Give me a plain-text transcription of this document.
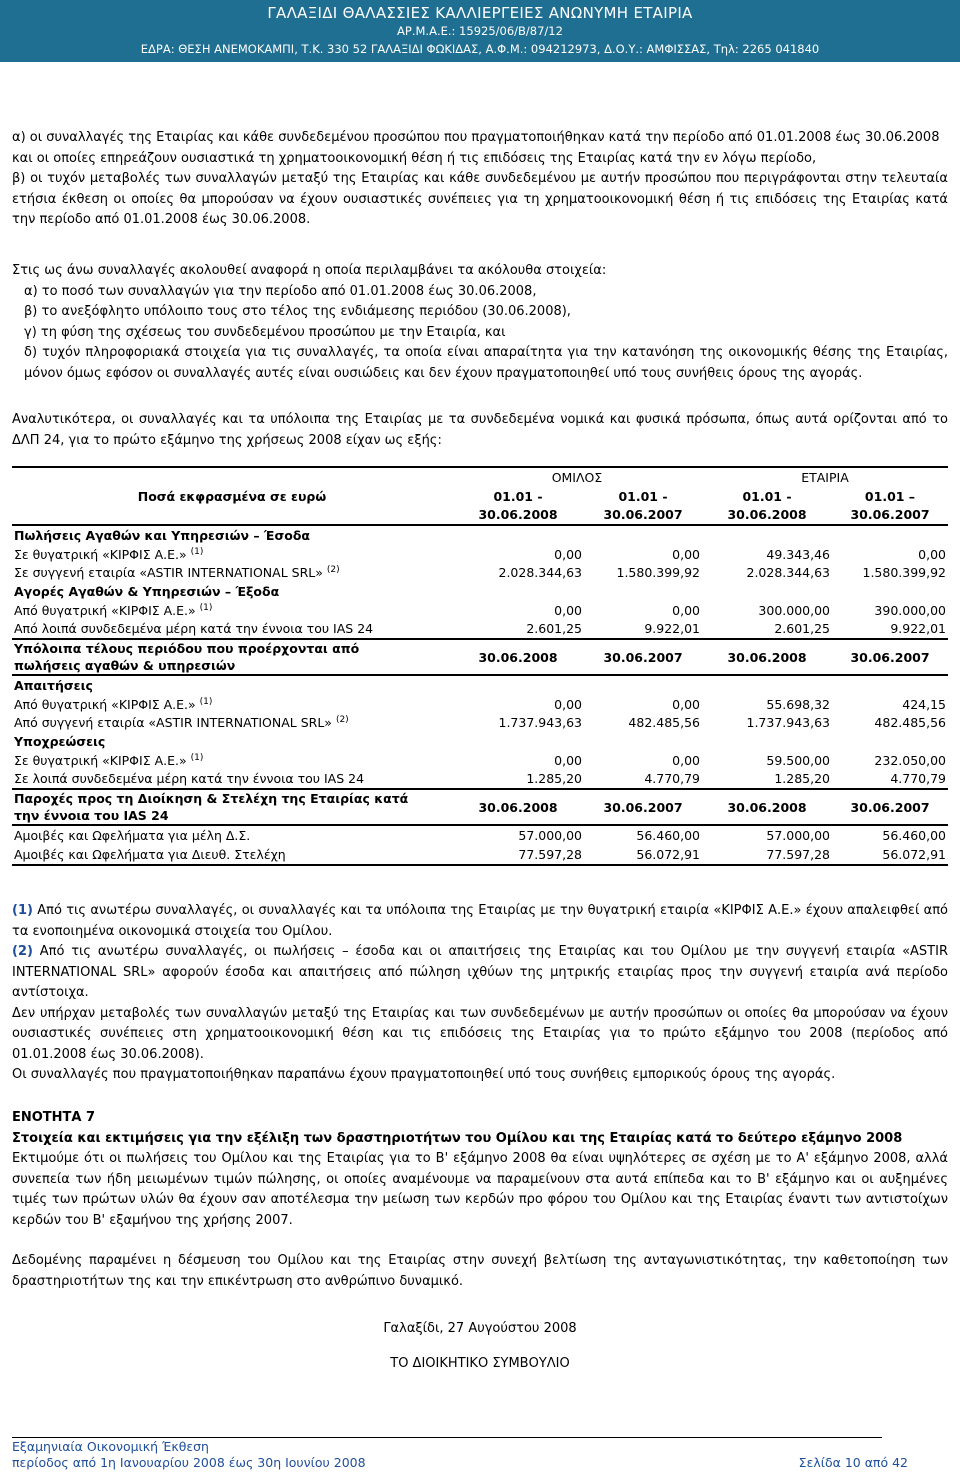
ΓΑΛΑΞΙΔΙ ΘΑΛΑΣΣΙΕΣ ΚΑΛΛΙΕΡΓΕΙΕΣ ΑΝΩΝΥΜΗ ΕΤΑΙΡΙΑ
ΑΡ.Μ.Α.Ε.: 15925/06/Β/87/12
ΕΔΡΑ: ΘΕΣΗ ΑΝΕΜΟΚΑΜΠΙ, Τ.Κ. 330 52 ΓΑΛΑΞΙΔΙ ΦΩΚΙΔΑΣ, Α.Φ.Μ.: 094212973, Δ.Ο.Υ.: ΑΜΦΙΣΣΑΣ, Τηλ: 2265 041840

α) οι συναλλαγές της Εταιρίας και κάθε συνδεδεμένου προσώπου που πραγματοποιήθηκαν κατά την περίοδο από 01.01.2008 έως 30.06.2008 και οι οποίες επηρεάζουν ουσιαστικά τη χρηματοοικονομική θέση ή τις επιδόσεις της Εταιρίας κατά την εν λόγω περίοδο,

β) οι τυχόν μεταβολές των συναλλαγών μεταξύ της Εταιρίας και κάθε συνδεδεμένου με αυτήν προσώπου που περιγράφονται στην τελευταία ετήσια έκθεση οι οποίες θα μπορούσαν να έχουν ουσιαστικές συνέπειες για τη χρηματοοικονομική θέση ή τις επιδόσεις της Εταιρίας κατά την περίοδο από 01.01.2008 έως 30.06.2008.

Στις ως άνω συναλλαγές ακολουθεί αναφορά η οποία περιλαμβάνει τα ακόλουθα στοιχεία:

α) το ποσό των συναλλαγών για την περίοδο από 01.01.2008 έως 30.06.2008,

β) το ανεξόφλητο υπόλοιπο τους στο τέλος της ενδιάμεσης περιόδου (30.06.2008),

γ) τη φύση της σχέσεως του συνδεδεμένου προσώπου με την Εταιρία, και

δ) τυχόν πληροφοριακά στοιχεία για τις συναλλαγές, τα οποία είναι απαραίτητα για την κατανόηση της οικονομικής θέσης της Εταιρίας, μόνον όμως εφόσον οι συναλλαγές αυτές είναι ουσιώδεις και δεν έχουν πραγματοποιηθεί υπό τους συνήθεις όρους της αγοράς.

Αναλυτικότερα, οι συναλλαγές και τα υπόλοιπα της Εταιρίας με τα συνδεδεμένα νομικά και φυσικά πρόσωπα, όπως αυτά ορίζονται από το ΔΛΠ 24, για το πρώτο εξάμηνο της χρήσεως 2008 είχαν ως εξής:
Ποσά εκφρασμένα σε ευρώ	ΟΜΙΛΟΣ		ΕΤΑΙΡΙΑ	
	01.01 -	01.01 -	01.01 -	01.01 –
	30.06.2008	30.06.2007	30.06.2008	30.06.2007
Πωλήσεις Αγαθών και Υπηρεσιών – Έσοδα				
Σε θυγατρική «ΚΙΡΦΙΣ Α.Ε.» $^{(1)}$	0,00	0,00	49.343,46	0,00
Σε συγγενή εταιρία «ASTIR INTERNATIONAL SRL» $^{(2)}$	2.028.344,63	1.580.399,92	2.028.344,63	1.580.399,92
Αγορές Αγαθών & Υπηρεσιών – Έξοδα				
Από θυγατρική «ΚΙΡΦΙΣ Α.Ε.» $^{(1)}$	0,00	0,00	300.000,00	390.000,00
Από λοιπά συνδεδεμένα μέρη κατά την έννοια του IAS 24	2.601,25	9.922,01	2.601,25	9.922,01

Υπόλοιπα τέλους περιόδου που προέρχονται από
πωλήσεις αγαθών & υπηρεσιών	30.06.2008	30.06.2007	30.06.2008	30.06.2007
Απαιτήσεις				
Από θυγατρική «ΚΙΡΦΙΣ Α.Ε.» $^{(1)}$	0,00	0,00	55.698,32	424,15
Από συγγενή εταιρία «ASTIR INTERNATIONAL SRL» $^{(2)}$	1.737.943,63	482.485,56	1.737.943,63	482.485,56
Υποχρεώσεις				
Σε θυγατρική «ΚΙΡΦΙΣ Α.Ε.» $^{(1)}$	0,00	0,00	59.500,00	232.050,00
Σε λοιπά συνδεδεμένα μέρη κατά την έννοια του IAS 24	1.285,20	4.770,79	1.285,20	4.770,79

Παροχές προς τη Διοίκηση & Στελέχη της Εταιρίας κατά
την έννοια του IAS 24	30.06.2008	30.06.2007	30.06.2008	30.06.2007
Αμοιβές και Ωφελήματα για μέλη Δ.Σ.	57.000,00	56.460,00	57.000,00	56.460,00
Αμοιβές και Ωφελήματα για Διευθ. Στελέχη	77.597,28	56.072,91	77.597,28	56.072,91

(1) Από τις ανωτέρω συναλλαγές, οι συναλλαγές και τα υπόλοιπα της Εταιρίας με την θυγατρική εταιρία «ΚΙΡΦΙΣ Α.Ε.» έχουν απαλειφθεί από τα ενοποιημένα οικονομικά στοιχεία του Ομίλου.

(2) Από τις ανωτέρω συναλλαγές, οι πωλήσεις – έσοδα και οι απαιτήσεις της Εταιρίας και του Ομίλου με την συγγενή εταιρία «ASTIR INTERNATIONAL SRL» αφορούν έσοδα και απαιτήσεις από πώληση ιχθύων της μητρικής εταιρίας προς την συγγενή εταιρία ανά περίοδο αντίστοιχα.

Δεν υπήρχαν μεταβολές των συναλλαγών μεταξύ της Εταιρίας και των συνδεδεμένων με αυτήν προσώπων οι οποίες θα μπορούσαν να έχουν ουσιαστικές συνέπειες στη χρηματοοικονομική θέση και τις επιδόσεις της Εταιρίας για το πρώτο εξάμηνο του 2008 (περίοδος από 01.01.2008 έως 30.06.2008).

Οι συναλλαγές που πραγματοποιήθηκαν παραπάνω έχουν πραγματοποιηθεί υπό τους συνήθεις εμπορικούς όρους της αγοράς.

ΕΝΟΤΗΤΑ 7

Στοιχεία και εκτιμήσεις για την εξέλιξη των δραστηριοτήτων του Ομίλου και της Εταιρίας κατά το δεύτερο εξάμηνο 2008

Εκτιμούμε ότι οι πωλήσεις του Ομίλου και της Εταιρίας για το Β' εξάμηνο 2008 θα είναι υψηλότερες σε σχέση με το Α' εξάμηνο 2008, αλλά συνεπεία των ήδη μειωμένων τιμών πώλησης, οι οποίες αναμένουμε να παραμείνουν στα αυτά επίπεδα και το Β' εξάμηνο και οι αυξημένες τιμές των πρώτων υλών θα έχουν σαν αποτέλεσμα την μείωση των κερδών προ φόρου του Ομίλου και της Εταιρίας έναντι των αντιστοίχων κερδών του Β' εξαμήνου της χρήσης 2007.

Δεδομένης παραμένει η δέσμευση του Ομίλου και της Εταιρίας στην συνεχή βελτίωση της ανταγωνιστικότητας, την καθετοποίηση των δραστηριοτήτων της και την επικέντρωση στο ανθρώπινο δυναμικό.

Γαλαξίδι, 27 Αυγούστου 2008
ΤΟ ΔΙΟΙΚΗΤΙΚΟ ΣΥΜΒΟΥΛΙΟ
Εξαμηνιαία Οικονομική Έκθεση
περίοδος από 1η Ιανουαρίου 2008 έως 30η Ιουνίου 2008	Σελίδα 10 από 42
